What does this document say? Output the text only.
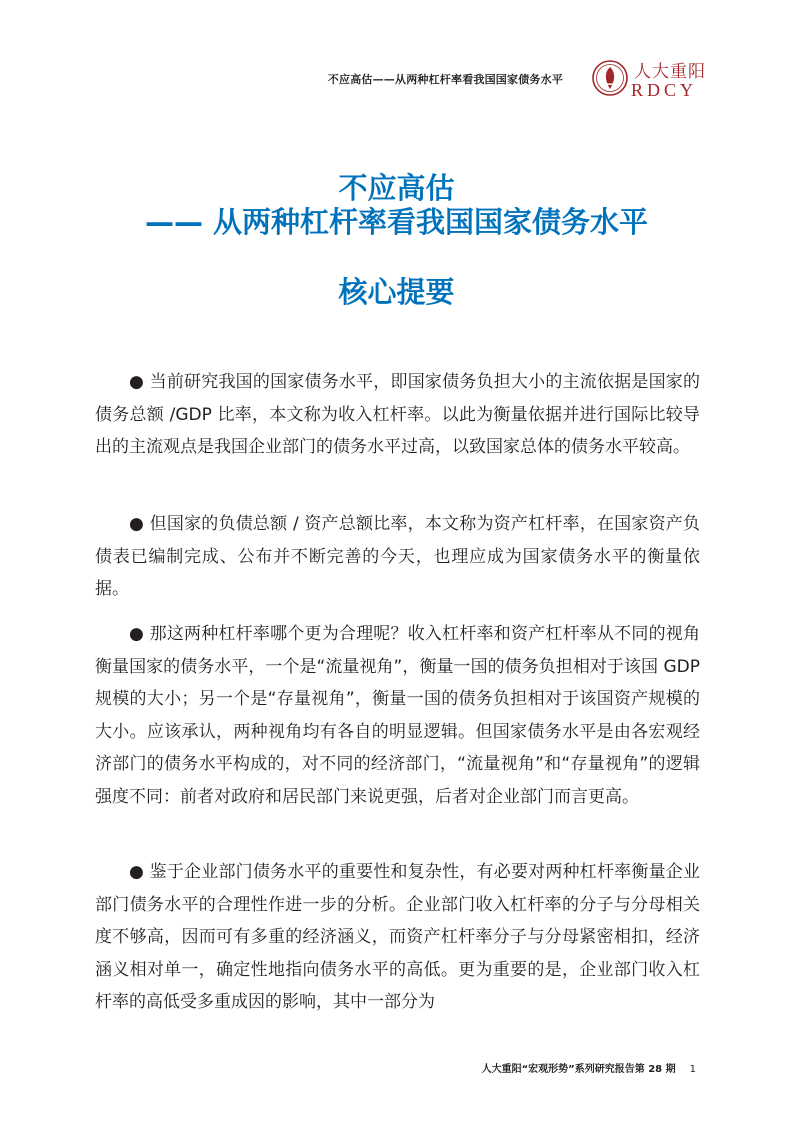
不应高估——从两种杠杆率看我国国家债务水平	人大重阳
RDCY
不应高估
—— 从两种杠杆率看我国国家债务水平
核心提要

● 当前研究我国的国家债务水平，即国家债务负担大小的主流依据是国家的债务总额 /GDP 比率，本文称为收入杠杆率。以此为衡量依据并进行国际比较导出的主流观点是我国企业部门的债务水平过高，以致国家总体的债务水平较高。

● 但国家的负债总额 / 资产总额比率，本文称为资产杠杆率，在国家资产负债表已编制完成、公布并不断完善的今天，也理应成为国家债务水平的衡量依据。

● 那这两种杠杆率哪个更为合理呢？收入杠杆率和资产杠杆率从不同的视角衡量国家的债务水平，一个是“流量视角”，衡量一国的债务负担相对于该国 GDP 规模的大小；另一个是“存量视角”，衡量一国的债务负担相对于该国资产规模的大小。应该承认，两种视角均有各自的明显逻辑。但国家债务水平是由各宏观经济部门的债务水平构成的，对不同的经济部门，“流量视角”和“存量视角”的逻辑强度不同：前者对政府和居民部门来说更强，后者对企业部门而言更高。

● 鉴于企业部门债务水平的重要性和复杂性，有必要对两种杠杆率衡量企业部门债务水平的合理性作进一步的分析。企业部门收入杠杆率的分子与分母相关度不够高，因而可有多重的经济涵义，而资产杠杆率分子与分母紧密相扣，经济涵义相对单一，确定性地指向债务水平的高低。更为重要的是，企业部门收入杠杆率的高低受多重成因的影响，其中一部分为

人大重阳“宏观形势”系列研究报告第 28 期 1
